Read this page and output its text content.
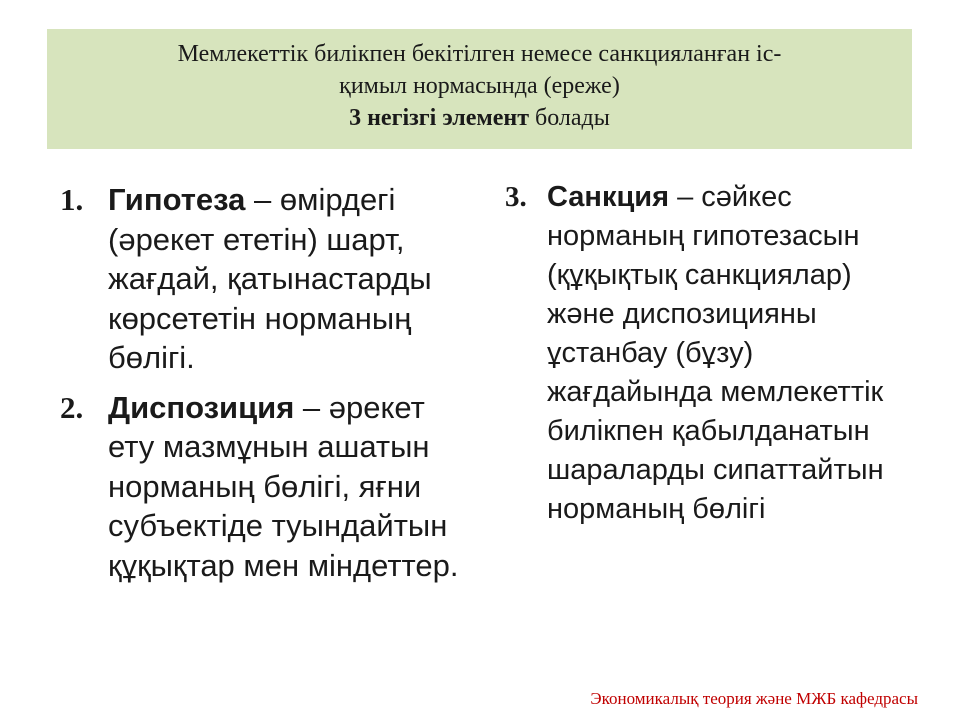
Мемлекеттік билікпен бекітілген немесе санкцияланған іс-
қимыл нормасында (ереже)
3 негізгі элемент болады
1. Гипотеза – өмірдегі (әрекет ететін) шарт, жағдай, қатынастарды көрсететін норманың бөлігі.
2. Диспозиция – әрекет ету мазмұнын ашатын норманың бөлігі, яғни субъектіде туындайтын құқықтар мен міндеттер.
3. Санкция – сәйкес норманың гипотезасын (құқықтық санкциялар) және диспозицияны ұстанбау (бұзу) жағдайында мемлекеттік билікпен қабылданатын шараларды сипаттайтын норманың бөлігі
Экономикалық теория және МЖБ кафедрасы
